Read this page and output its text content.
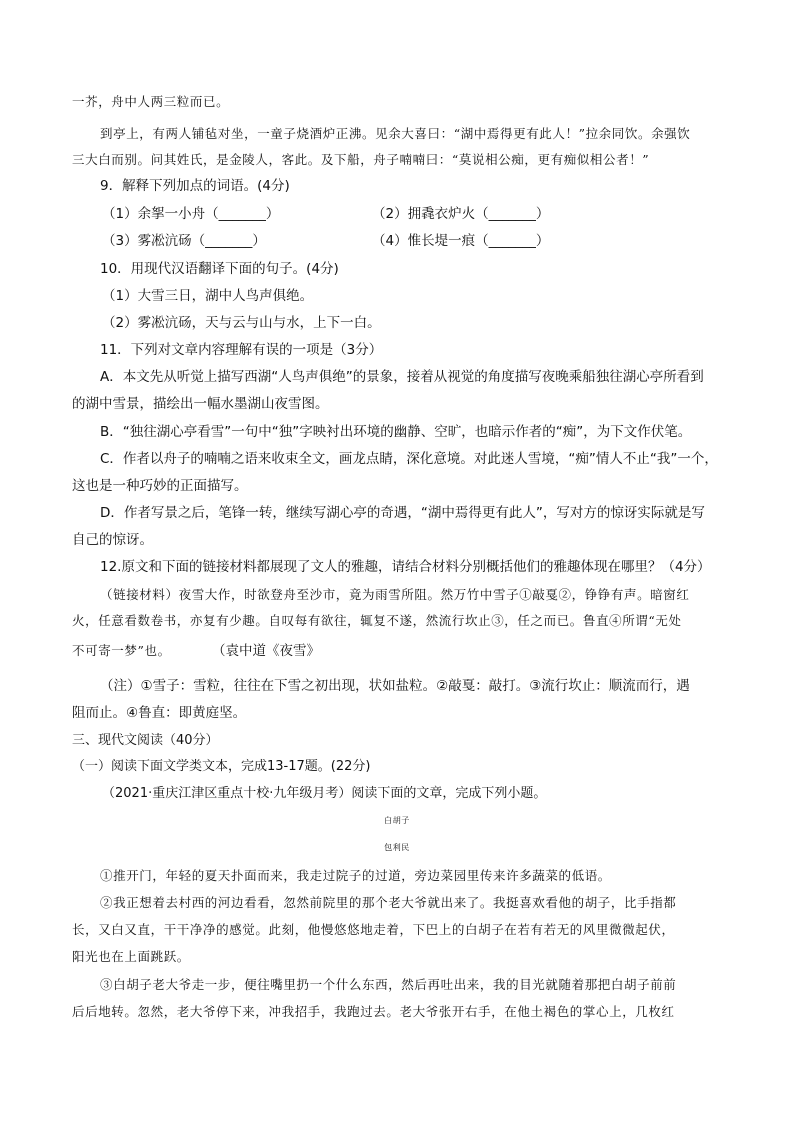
一芥，舟中人两三粒而已。
到亭上，有两人铺毡对坐，一童子烧酒炉正沸。见余大喜曰：“湖中焉得更有此人！”拉余同饮。余强饮
三大白而别。问其姓氏，是金陵人，客此。及下船，舟子喃喃曰：“莫说相公痴，更有痴似相公者！”
9．解释下列加点的词语。(4分)
（1）余挐一小舟（_______）	（2）拥毳衣炉火（_______）
（3）雾凇沆砀（_______）	（4）惟长堤一痕（_______）
10．用现代汉语翻译下面的句子。(4分)
（1）大雪三日，湖中人鸟声俱绝。
（2）雾凇沆砀，天与云与山与水，上下一白。
11．下列对文章内容理解有误的一项是（3分）
A．本文先从听觉上描写西湖“人鸟声俱绝”的景象，接着从视觉的角度描写夜晚乘船独往湖心亭所看到
的湖中雪景，描绘出一幅水墨湖山夜雪图。
B．“独往湖心亭看雪”一句中“独”字映衬出环境的幽静、空旷，也暗示作者的“痴”，为下文作伏笔。
C．作者以舟子的喃喃之语来收束全文，画龙点睛，深化意境。对此迷人雪境，“痴”情人不止“我”一个，
这也是一种巧妙的正面描写。
D．作者写景之后，笔锋一转，继续写湖心亭的奇遇，“湖中焉得更有此人”，写对方的惊讶实际就是写
自己的惊讶。
12.原文和下面的链接材料都展现了文人的雅趣，请结合材料分别概括他们的雅趣体现在哪里？（4分）
（链接材料）夜雪大作，时欲登舟至沙市，竟为雨雪所阻。然万竹中雪子①敲戛②，铮铮有声。暗窗红
火，任意看数卷书，亦复有少趣。自叹每有欲往，辄复不遂，然流行坎止③，任之而已。鲁直④所谓“无处
不可寄一梦”也。	（袁中道《夜雪》
（注）①雪子：雪粒，往往在下雪之初出现，状如盐粒。②敲戛：敲打。③流行坎止：顺流而行，遇
阻而止。④鲁直：即黄庭坚。
三、现代文阅读（40分）
（一）阅读下面文学类文本，完成13-17题。(22分)
（2021·重庆江津区重点十校·九年级月考）阅读下面的文章，完成下列小题。
白胡子
包利民
①推开门，年轻的夏天扑面而来，我走过院子的过道，旁边菜园里传来许多蔬菜的低语。
②我正想着去村西的河边看看，忽然前院里的那个老大爷就出来了。我挺喜欢看他的胡子，比手指都
长，又白又直，干干净净的感觉。此刻，他慢悠悠地走着，下巴上的白胡子在若有若无的风里微微起伏，
阳光也在上面跳跃。
③白胡子老大爷走一步，便往嘴里扔一个什么东西，然后再吐出来，我的目光就随着那把白胡子前前
后后地转。忽然，老大爷停下来，冲我招手，我跑过去。老大爷张开右手，在他土褐色的掌心上，几枚红
